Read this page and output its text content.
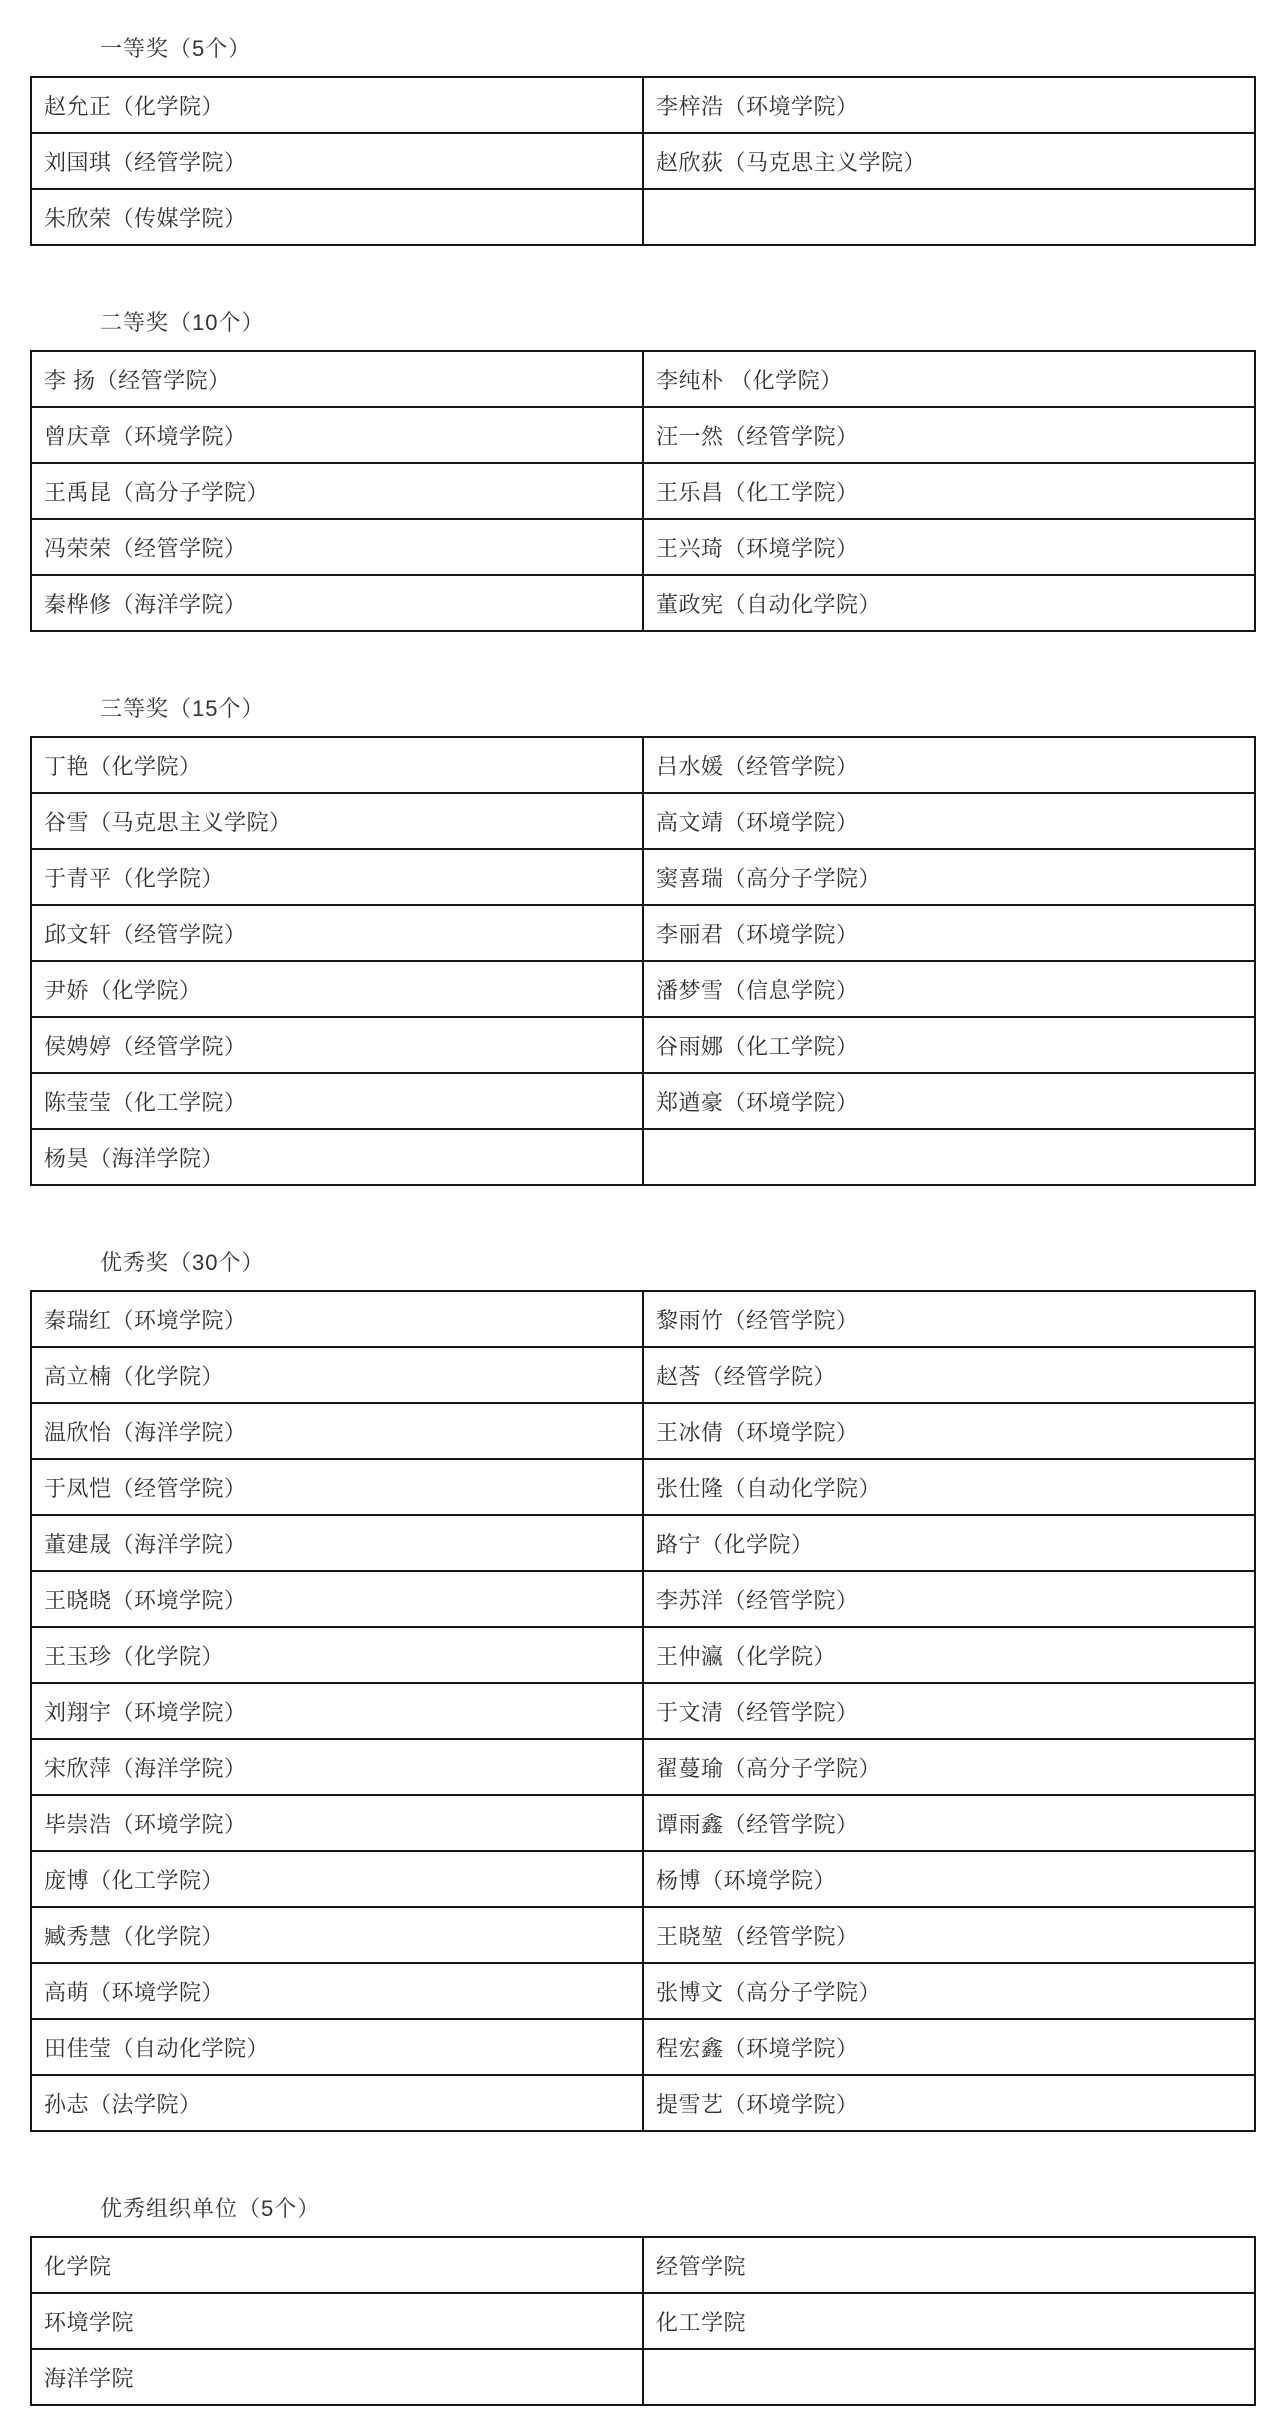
一等奖（5个）
赵允正（化学院）	李梓浩（环境学院）
刘国琪（经管学院）	赵欣荻（马克思主义学院）
朱欣荣（传媒学院）	
二等奖（10个）
李 扬（经管学院）	李纯朴 （化学院）
曾庆章（环境学院）	汪一然（经管学院）
王禹昆（高分子学院）	王乐昌（化工学院）
冯荣荣（经管学院）	王兴琦（环境学院）
秦桦修（海洋学院）	董政宪（自动化学院）
三等奖（15个）
丁艳（化学院）	吕水媛（经管学院）
谷雪（马克思主义学院）	高文靖（环境学院）
于青平（化学院）	窦喜瑞（高分子学院）
邱文轩（经管学院）	李丽君（环境学院）
尹娇（化学院）	潘梦雪（信息学院）
侯娉婷（经管学院）	谷雨娜（化工学院）
陈莹莹（化工学院）	郑遒豪（环境学院）
杨昊（海洋学院）	
优秀奖（30个）
秦瑞红（环境学院）	黎雨竹（经管学院）
高立楠（化学院）	赵莟（经管学院）
温欣怡（海洋学院）	王冰倩（环境学院）
于凤恺（经管学院）	张仕隆（自动化学院）
董建晟（海洋学院）	路宁（化学院）
王晓晓（环境学院）	李苏洋（经管学院）
王玉珍（化学院）	王仲瀛（化学院）
刘翔宇（环境学院）	于文清（经管学院）
宋欣萍（海洋学院）	翟蔓瑜（高分子学院）
毕崇浩（环境学院）	谭雨鑫（经管学院）
庞博（化工学院）	杨博（环境学院）
臧秀慧（化学院）	王晓堃（经管学院）
高萌（环境学院）	张博文（高分子学院）
田佳莹（自动化学院）	程宏鑫（环境学院）
孙志（法学院）	提雪艺（环境学院）
优秀组织单位（5个）
化学院	经管学院
环境学院	化工学院
海洋学院	
